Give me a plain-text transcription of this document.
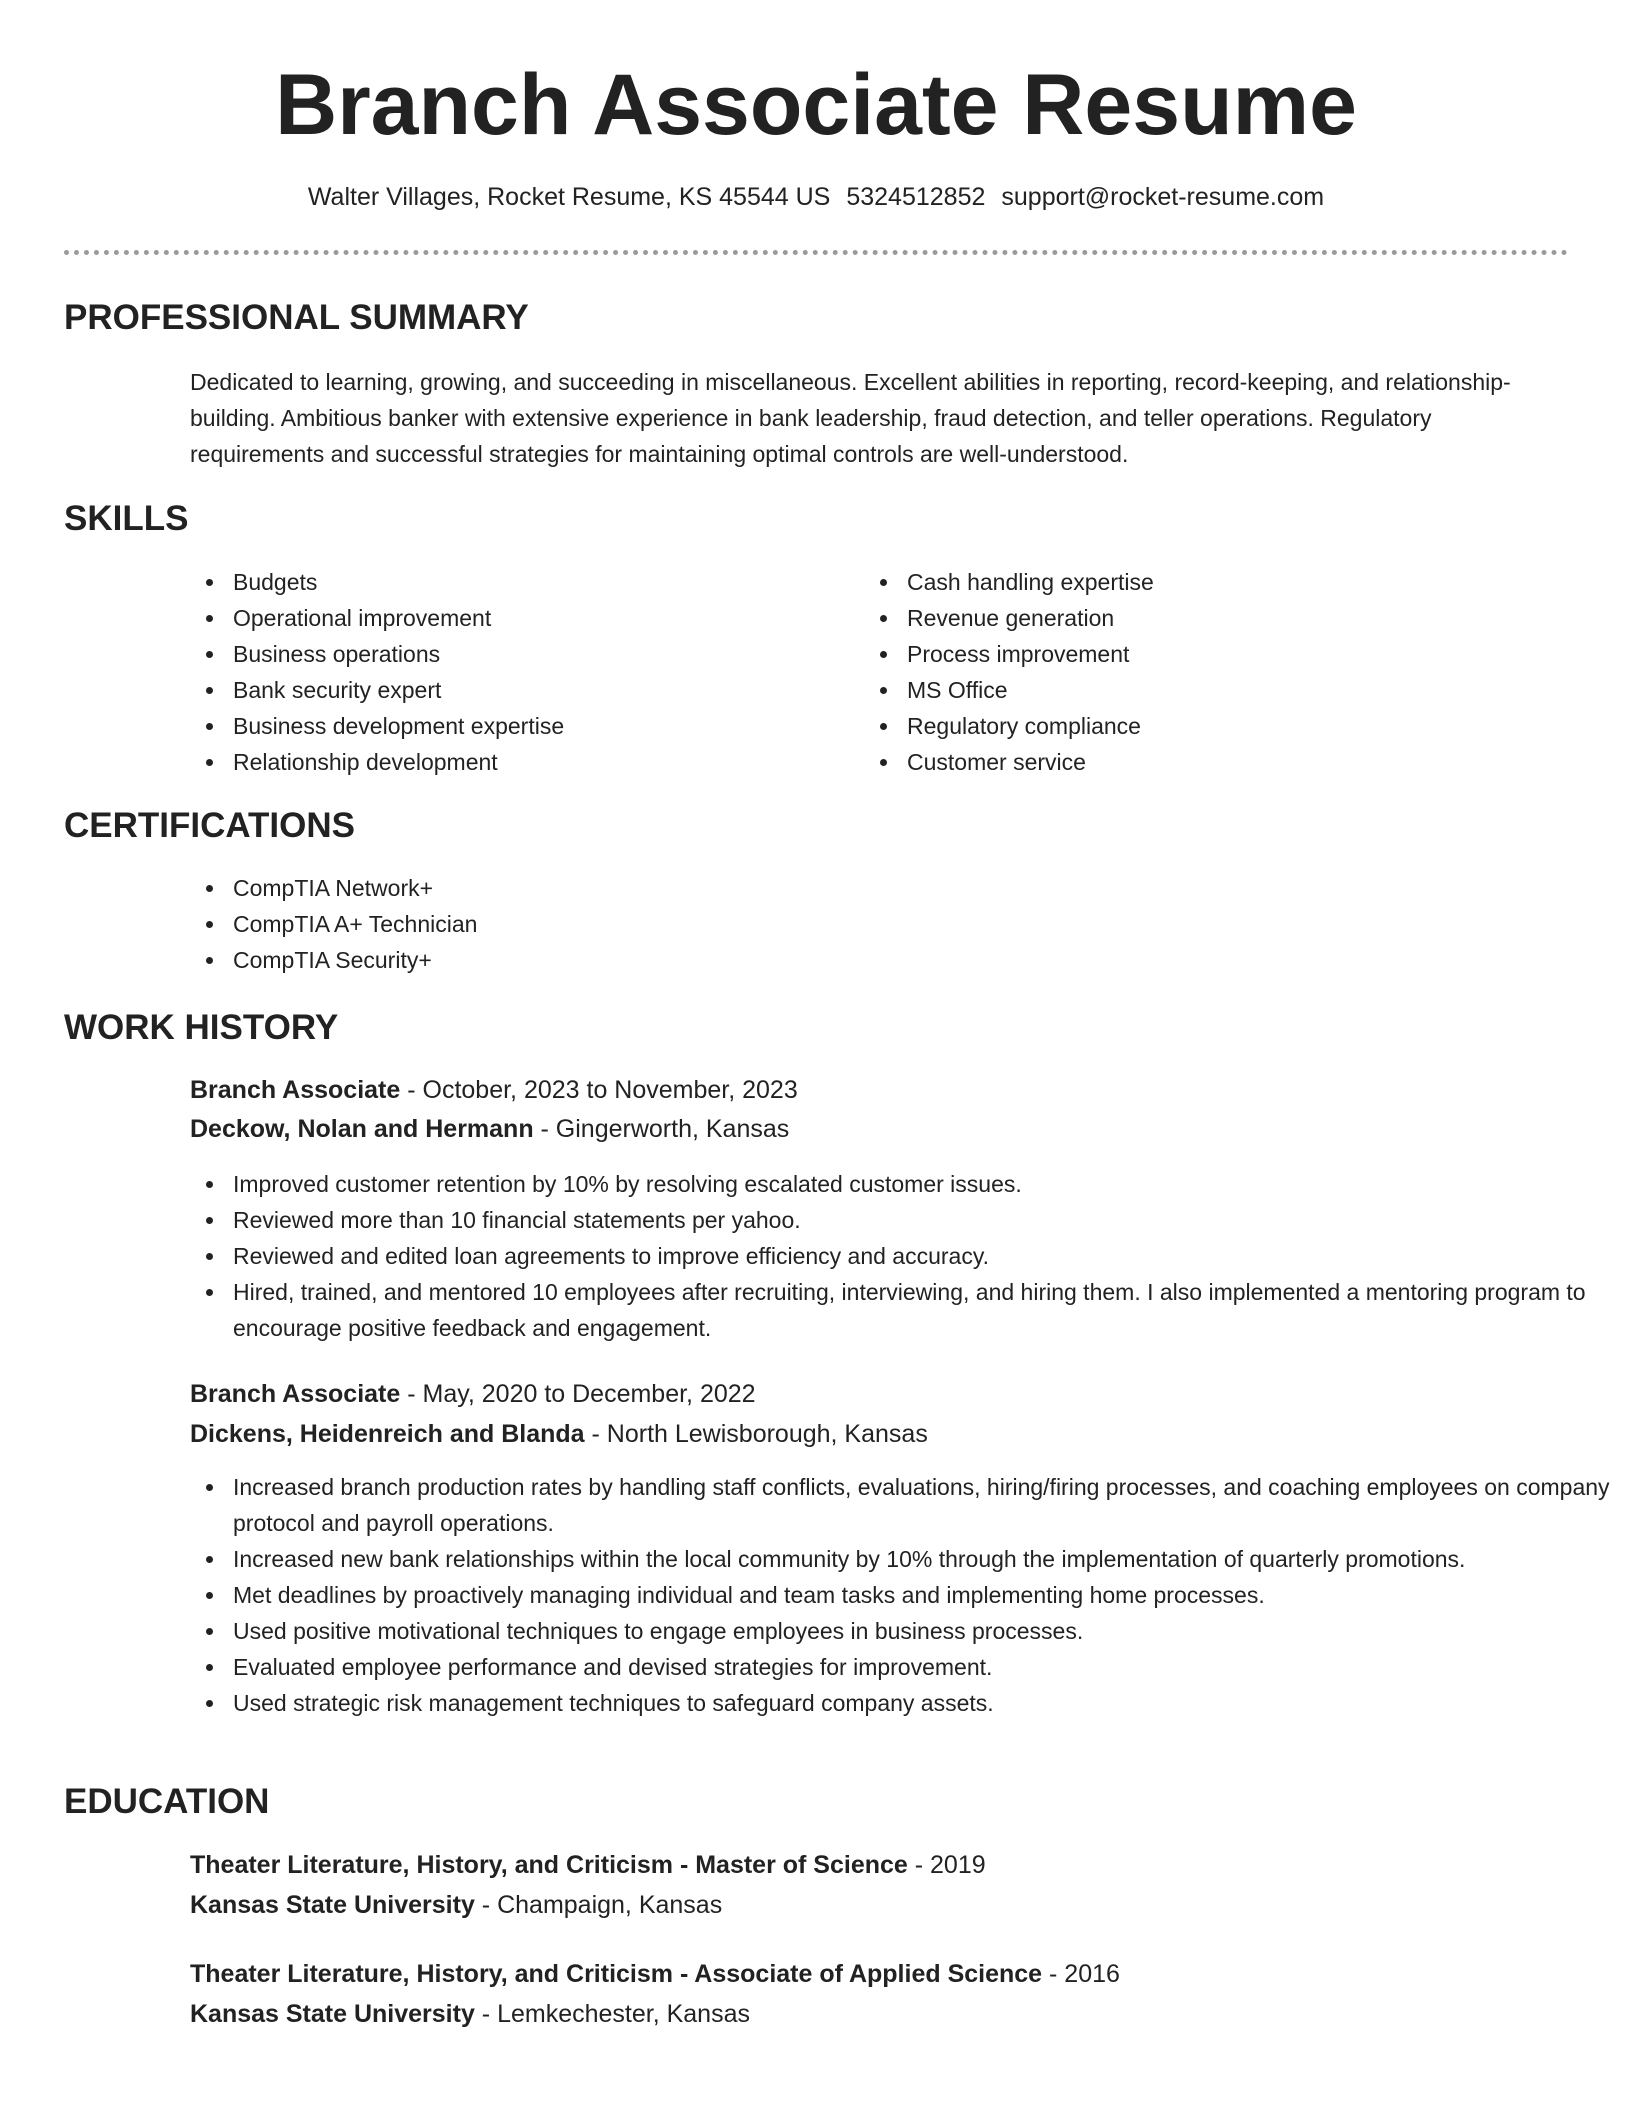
Branch Associate Resume
Walter Villages, Rocket Resume, KS 45544 US 5324512852 support@rocket-resume.com
PROFESSIONAL SUMMARY

Dedicated to learning, growing, and succeeding in miscellaneous. Excellent abilities in reporting, record-keeping, and relationship-building. Ambitious banker with extensive experience in bank leadership, fraud detection, and teller operations. Regulatory requirements and successful strategies for maintaining optimal controls are well-understood.

SKILLS
Budgets
Operational improvement
Business operations
Bank security expert
Business development expertise
Relationship development
Cash handling expertise
Revenue generation
Process improvement
MS Office
Regulatory compliance
Customer service
CERTIFICATIONS
CompTIA Network+
CompTIA A+ Technician
CompTIA Security+
WORK HISTORY

Branch Associate - October, 2023 to November, 2023

Deckow, Nolan and Hermann - Gingerworth, Kansas

Improved customer retention by 10% by resolving escalated customer issues.
Reviewed more than 10 financial statements per yahoo.
Reviewed and edited loan agreements to improve efficiency and accuracy.
Hired, trained, and mentored 10 employees after recruiting, interviewing, and hiring them. I also implemented a mentoring program to encourage positive feedback and engagement.

Branch Associate - May, 2020 to December, 2022

Dickens, Heidenreich and Blanda - North Lewisborough, Kansas

Increased branch production rates by handling staff conflicts, evaluations, hiring/firing processes, and coaching employees on company protocol and payroll operations.
Increased new bank relationships within the local community by 10% through the implementation of quarterly promotions.
Met deadlines by proactively managing individual and team tasks and implementing home processes.
Used positive motivational techniques to engage employees in business processes.
Evaluated employee performance and devised strategies for improvement.
Used strategic risk management techniques to safeguard company assets.
EDUCATION

Theater Literature, History, and Criticism - Master of Science - 2019

Kansas State University - Champaign, Kansas

Theater Literature, History, and Criticism - Associate of Applied Science - 2016

Kansas State University - Lemkechester, Kansas
